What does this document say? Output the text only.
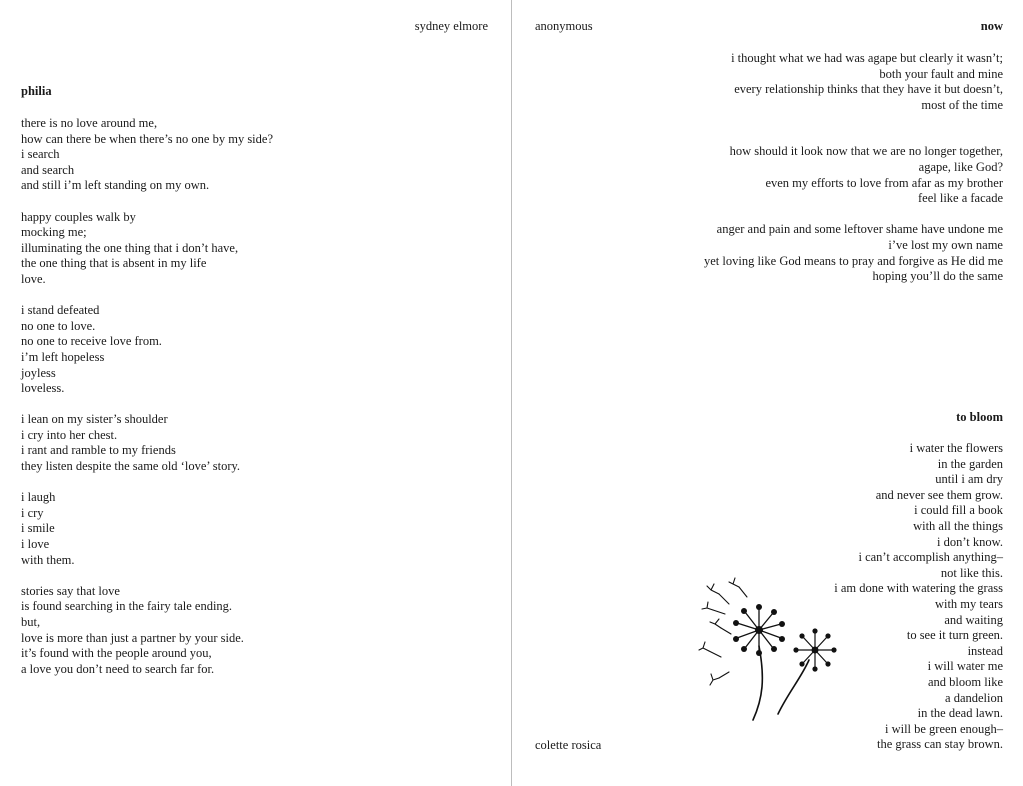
sydney elmore
philia
there is no love around me,
how can there be when there’s no one by my side?
i search
and search
and still i’m left standing on my own.
happy couples walk by
mocking me;
illuminating the one thing that i don’t have,
the one thing that is absent in my life
love.
i stand defeated
no one to love.
no one to receive love from.
i’m left hopeless
joyless
loveless.
i lean on my sister’s shoulder
i cry into her chest.
i rant and ramble to my friends
they listen despite the same old ‘love’ story.
i laugh
i cry
i smile
i love
with them.
stories say that love
is found searching in the fairy tale ending.
but,
love is more than just a partner by your side.
it’s found with the people around you,
a love you don’t need to search far for.
anonymous	now
i thought what we had was agape but clearly it wasn’t;
both your fault and mine
every relationship thinks that they have it but doesn’t,
most of the time
how should it look now that we are no longer together,
agape, like God?
even my efforts to love from afar as my brother
feel like a facade
anger and pain and some leftover shame have undone me
i’ve lost my own name
yet loving like God means to pray and forgive as He did me
hoping you’ll do the same
to bloom
i water the flowers
in the garden
until i am dry
and never see them grow.
i could fill a book
with all the things
i don’t know.
i can’t accomplish anything–
not like this.
i am done with watering the grass
with my tears
and waiting
to see it turn green.
instead
i will water me
and bloom like
a dandelion
in the dead lawn.
i will be green enough–
the grass can stay brown.
colette rosica
